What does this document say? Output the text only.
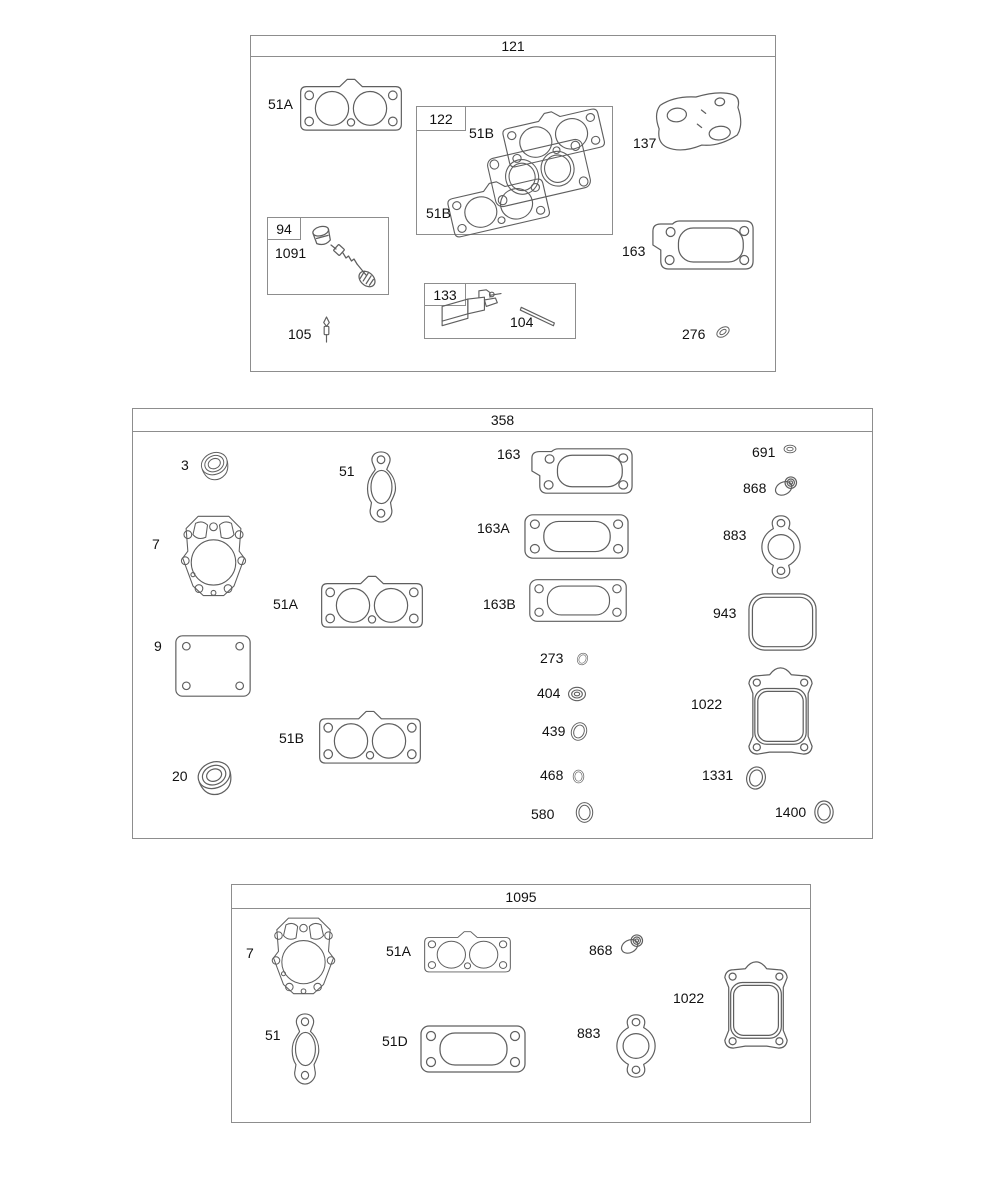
121
51A
122
51B
51B
137
94
1091
105
133
104
163
276
358
3	51
7
51A
9
51B
20
163
163A
163B
273
404
439
468
580
691
868
883
943
1022
1331
1400
1095
7	51A	868
1022
51	51D	883
